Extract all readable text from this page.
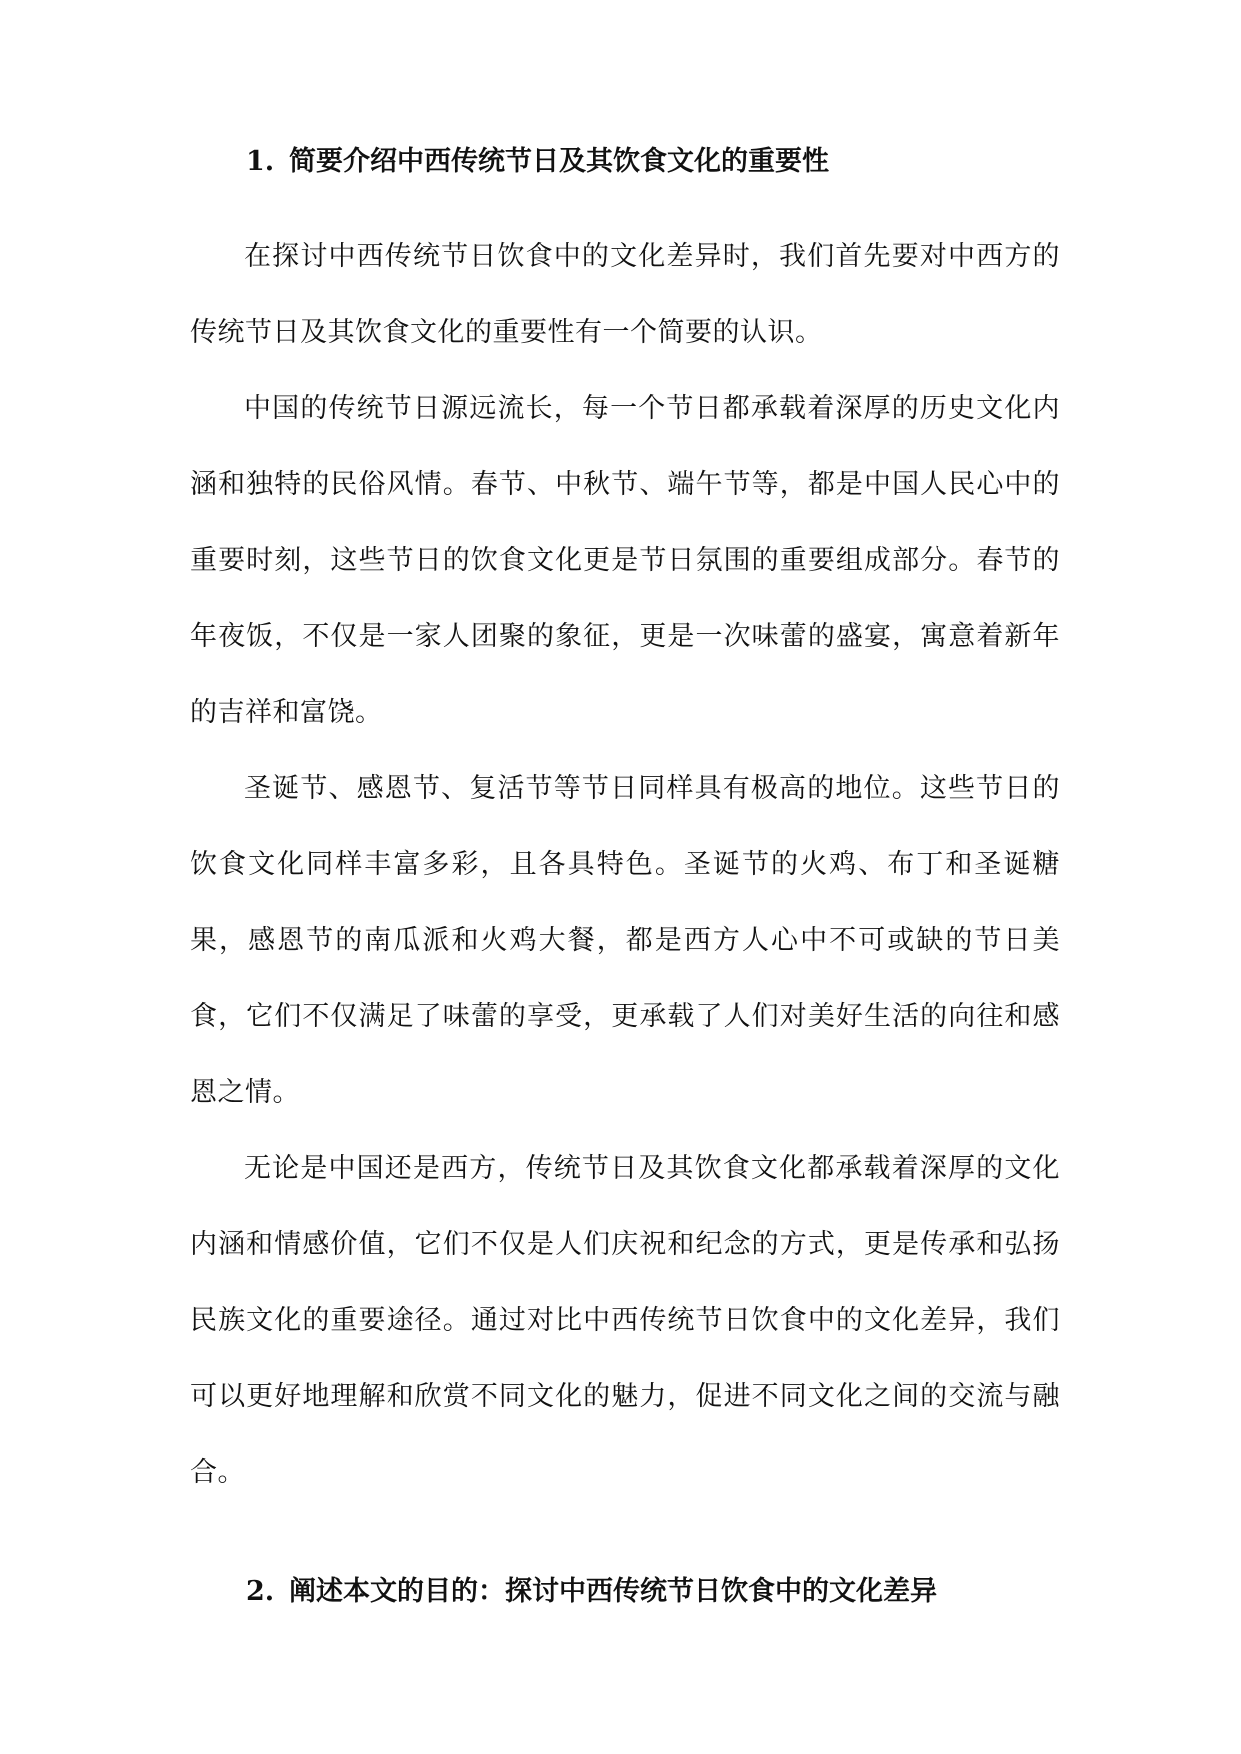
1. 简要介绍中西传统节日及其饮食文化的重要性

在探讨中西传统节日饮食中的文化差异时，我们首先要对中西方的传统节日及其饮食文化的重要性有一个简要的认识。

中国的传统节日源远流长，每一个节日都承载着深厚的历史文化内涵和独特的民俗风情。春节、中秋节、端午节等，都是中国人民心中的重要时刻，这些节日的饮食文化更是节日氛围的重要组成部分。春节的年夜饭，不仅是一家人团聚的象征，更是一次味蕾的盛宴，寓意着新年的吉祥和富饶。

圣诞节、感恩节、复活节等节日同样具有极高的地位。这些节日的饮食文化同样丰富多彩，且各具特色。圣诞节的火鸡、布丁和圣诞糖果，感恩节的南瓜派和火鸡大餐，都是西方人心中不可或缺的节日美食，它们不仅满足了味蕾的享受，更承载了人们对美好生活的向往和感恩之情。

无论是中国还是西方，传统节日及其饮食文化都承载着深厚的文化内涵和情感价值，它们不仅是人们庆祝和纪念的方式，更是传承和弘扬民族文化的重要途径。通过对比中西传统节日饮食中的文化差异，我们可以更好地理解和欣赏不同文化的魅力，促进不同文化之间的交流与融合。

2. 阐述本文的目的：探讨中西传统节日饮食中的文化差异
